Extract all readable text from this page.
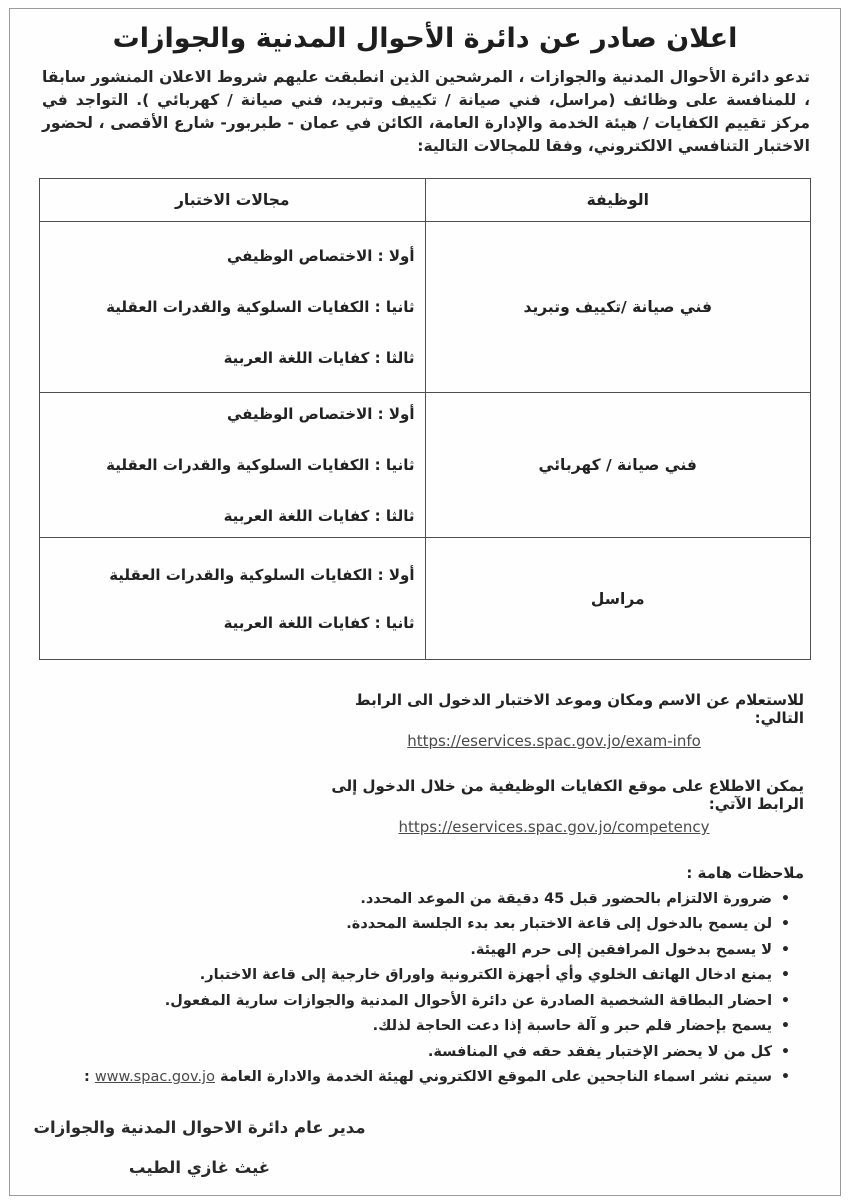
اعلان صادر عن دائرة الأحوال المدنية والجوازات

تدعو دائرة الأحوال المدنية والجوازات ، المرشحين الذين انطبقت عليهم شروط الاعلان المنشور سابقا ، للمنافسة على وظائف (مراسل، فني صيانة / تكييف وتبريد، فني صيانة / كهربائي ). التواجد في مركز تقييم الكفايات / هيئة الخدمة والإدارة العامة، الكائن في عمان - طبربور- شارع الأقصى ، لحضور الاختبار التنافسي الالكتروني، وفقا للمجالات التالية:

الوظيفة	مجالات الاختبار
فني صيانة /تكييف وتبريد	أولا : الاختصاص الوظيفي
ثانيا : الكفايات السلوكية والقدرات العقلية
ثالثا : كفايات اللغة العربية

فني صيانة / كهربائي	أولا : الاختصاص الوظيفي
ثانيا : الكفايات السلوكية والقدرات العقلية
ثالثا : كفايات اللغة العربية

مراسل	أولا : الكفايات السلوكية والقدرات العقلية
ثانيا : كفايات اللغة العربية
للاستعلام عن الاسم ومكان وموعد الاختبار الدخول الى الرابط التالي:
https://eservices.spac.gov.jo/exam-info
يمكن الاطلاع على موقع الكفايات الوظيفية من خلال الدخول إلى الرابط الآتي:
https://eservices.spac.gov.jo/competency
ملاحظات هامة :
•
ضرورة الالتزام بالحضور قبل 45 دقيقة من الموعد المحدد.
•
لن يسمح بالدخول إلى قاعة الاختبار بعد بدء الجلسة المحددة.
•
لا يسمح بدخول المرافقين إلى حرم الهيئة.
•
يمنع ادخال الهاتف الخلوي وأي أجهزة الكترونية واوراق خارجية إلى قاعة الاختبار.
•
احضار البطاقة الشخصية الصادرة عن دائرة الأحوال المدنية والجوازات سارية المفعول.
•
يسمح بإحضار قلم حبر و آلة حاسبة إذا دعت الحاجة لذلك.
•
كل من لا يحضر الإختبار يفقد حقه في المنافسة.
•
سيتم نشر اسماء الناجحين على الموقع الالكتروني لهيئة الخدمة والادارة العامة www.spac.gov.jo :
مدير عام دائرة الاحوال المدنية والجوازات
غيث غازي الطيب
